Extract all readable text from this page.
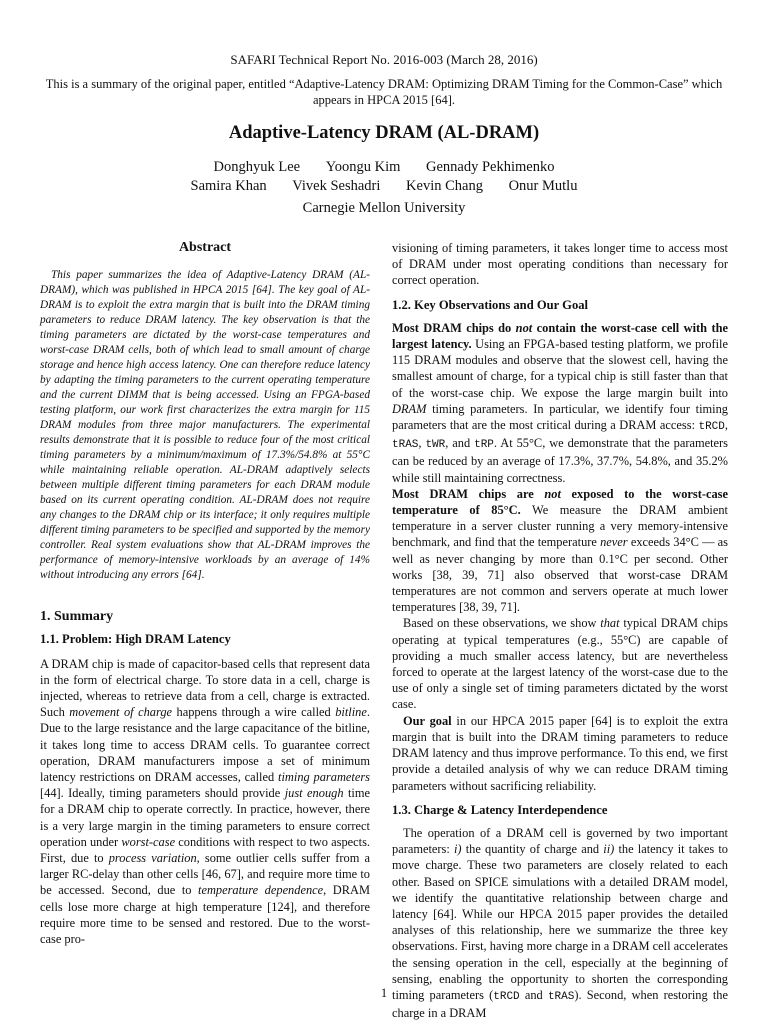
SAFARI Technical Report No. 2016-003 (March 28, 2016)
This is a summary of the original paper, entitled “Adaptive-Latency DRAM: Optimizing DRAM Timing for the Common-Case” which appears in HPCA 2015 [64].
Adaptive-Latency DRAM (AL-DRAM)
Donghyuk Lee Yoongu Kim Gennady Pekhimenko
Samira Khan Vivek Seshadri Kevin Chang Onur Mutlu
Carnegie Mellon University
Abstract

This paper summarizes the idea of Adaptive-Latency DRAM (AL-DRAM), which was published in HPCA 2015 [64]. The key goal of AL-DRAM is to exploit the extra margin that is built into the DRAM timing parameters to reduce DRAM latency. The key observation is that the timing parameters are dictated by the worst-case temperatures and worst-case DRAM cells, both of which lead to small amount of charge storage and hence high access latency. One can therefore reduce latency by adapting the timing parameters to the current operating temperature and the current DIMM that is being accessed. Using an FPGA-based testing platform, our work first characterizes the extra margin for 115 DRAM modules from three major manufacturers. The experimental results demonstrate that it is possible to reduce four of the most critical timing parameters by a minimum/maximum of 17.3%/54.8% at 55°C while maintaining reliable operation. AL-DRAM adaptively selects between multiple different timing parameters for each DRAM module based on its current operating condition. AL-DRAM does not require any changes to the DRAM chip or its interface; it only requires multiple different timing parameters to be specified and supported by the memory controller. Real system evaluations show that AL-DRAM improves the performance of memory-intensive workloads by an average of 14% without introducing any errors [64].

1. Summary
1.1. Problem: High DRAM Latency

A DRAM chip is made of capacitor-based cells that represent data in the form of electrical charge. To store data in a cell, charge is injected, whereas to retrieve data from a cell, charge is extracted. Such movement of charge happens through a wire called bitline. Due to the large resistance and the large capacitance of the bitline, it takes long time to access DRAM cells. To guarantee correct operation, DRAM manufacturers impose a set of minimum latency restrictions on DRAM accesses, called timing parameters [44]. Ideally, timing parameters should provide just enough time for a DRAM chip to operate correctly. In practice, however, there is a very large margin in the timing parameters to ensure correct operation under worst-case conditions with respect to two aspects. First, due to process variation, some outlier cells suffer from a larger RC-delay than other cells [46, 67], and require more time to be accessed. Second, due to temperature dependence, DRAM cells lose more charge at high temperature [124], and therefore require more time to be sensed and restored. Due to the worst-case pro-

visioning of timing parameters, it takes longer time to access most of DRAM under most operating conditions than necessary for correct operation.

1.2. Key Observations and Our Goal

Most DRAM chips do not contain the worst-case cell with the largest latency. Using an FPGA-based testing platform, we profile 115 DRAM modules and observe that the slowest cell, having the smallest amount of charge, for a typical chip is still faster than that of the worst-case chip. We expose the large margin built into DRAM timing parameters. In particular, we identify four timing parameters that are the most critical during a DRAM access: tRCD, tRAS, tWR, and tRP. At 55°C, we demonstrate that the parameters can be reduced by an average of 17.3%, 37.7%, 54.8%, and 35.2% while still maintaining correctness.

Most DRAM chips are not exposed to the worst-case temperature of 85°C. We measure the DRAM ambient temperature in a server cluster running a very memory-intensive benchmark, and find that the temperature never exceeds 34°C — as well as never changing by more than 0.1°C per second. Other works [38, 39, 71] also observed that worst-case DRAM temperatures are not common and servers operate at much lower temperatures [38, 39, 71].

Based on these observations, we show that typical DRAM chips operating at typical temperatures (e.g., 55°C) are capable of providing a much smaller access latency, but are nevertheless forced to operate at the largest latency of the worst-case due to the use of only a single set of timing parameters dictated by the worst case.

Our goal in our HPCA 2015 paper [64] is to exploit the extra margin that is built into the DRAM timing parameters to reduce DRAM latency and thus improve performance. To this end, we first provide a detailed analysis of why we can reduce DRAM timing parameters without sacrificing reliability.

1.3. Charge & Latency Interdependence

The operation of a DRAM cell is governed by two important parameters: i) the quantity of charge and ii) the latency it takes to move charge. These two parameters are closely related to each other. Based on SPICE simulations with a detailed DRAM model, we identify the quantitative relationship between charge and latency [64]. While our HPCA 2015 paper provides the detailed analyses of this relationship, here we summarize the three key observations. First, having more charge in a DRAM cell accelerates the sensing operation in the cell, especially at the beginning of sensing, enabling the opportunity to shorten the corresponding timing parameters (tRCD and tRAS). Second, when restoring the charge in a DRAM

1
